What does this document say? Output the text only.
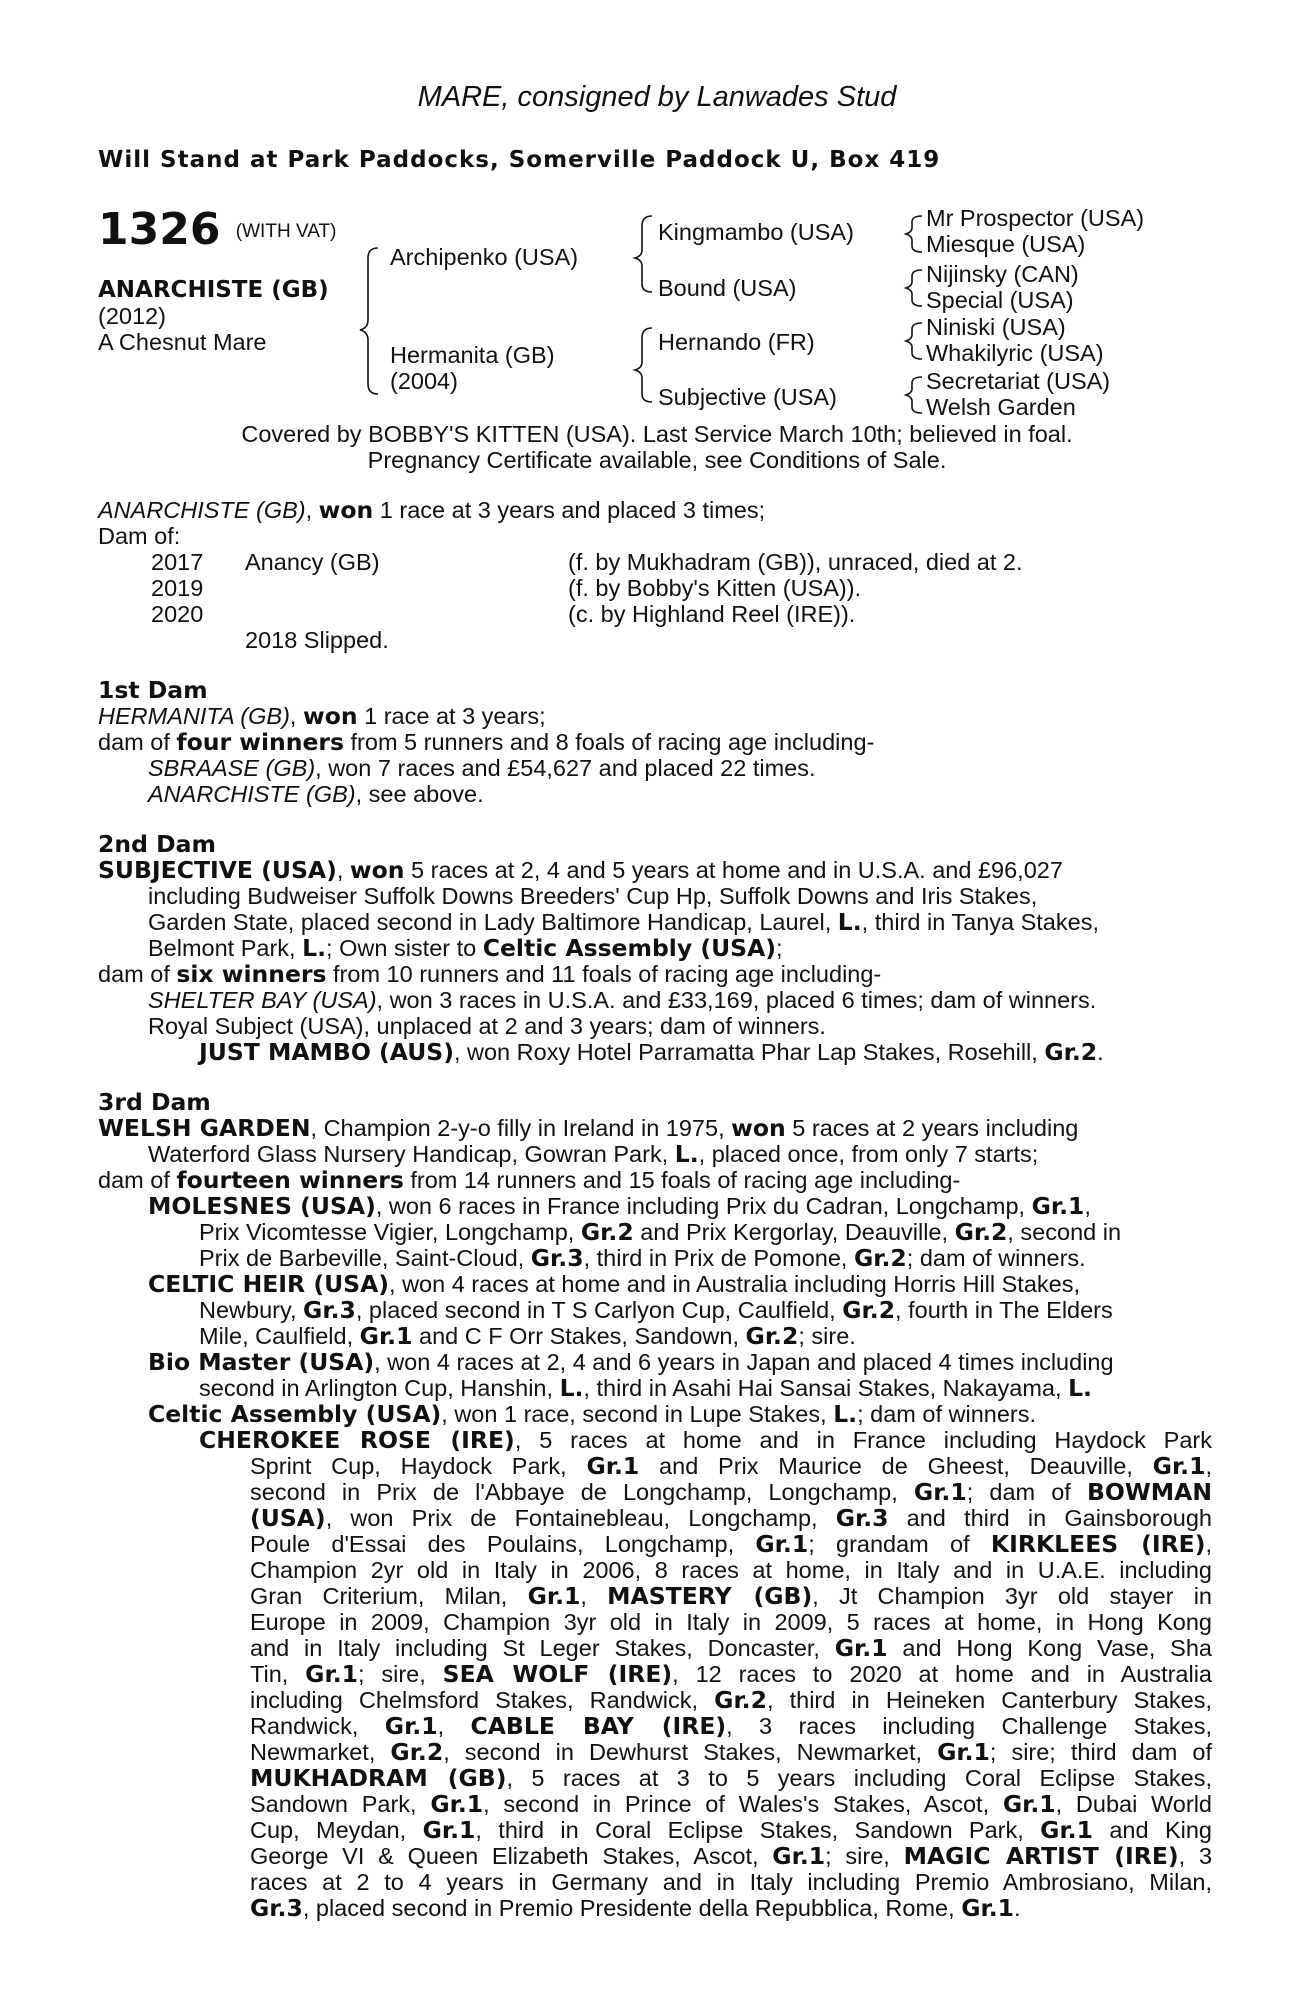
MARE, consigned by Lanwades Stud
Will Stand at Park Paddocks, Somerville Paddock U, Box 419
1326 (WITH VAT)
ANARCHISTE (GB)
(2012)
A Chesnut Mare
Archipenko (USA)
Hermanita (GB)
(2004)
Kingmambo (USA)
Bound (USA)
Hernando (FR)
Subjective (USA)
Mr Prospector (USA)
Miesque (USA)
Nijinsky (CAN)
Special (USA)
Niniski (USA)
Whakilyric (USA)
Secretariat (USA)
Welsh Garden
Covered by BOBBY'S KITTEN (USA). Last Service March 10th; believed in foal.
Pregnancy Certificate available, see Conditions of Sale.
ANARCHISTE (GB), won 1 race at 3 years and placed 3 times;
Dam of:
2017 Anancy (GB)	(f. by Mukhadram (GB)), unraced, died at 2.
2019	(f. by Bobby's Kitten (USA)).
2020	(c. by Highland Reel (IRE)).
2018 Slipped.
1st Dam
HERMANITA (GB), won 1 race at 3 years;
dam of four winners from 5 runners and 8 foals of racing age including-
SBRAASE (GB), won 7 races and £54,627 and placed 22 times.
ANARCHISTE (GB), see above.
2nd Dam
SUBJECTIVE (USA), won 5 races at 2, 4 and 5 years at home and in U.S.A. and £96,027
including Budweiser Suffolk Downs Breeders' Cup Hp, Suffolk Downs and Iris Stakes,
Garden State, placed second in Lady Baltimore Handicap, Laurel, L., third in Tanya Stakes,
Belmont Park, L.; Own sister to Celtic Assembly (USA);
dam of six winners from 10 runners and 11 foals of racing age including-
SHELTER BAY (USA), won 3 races in U.S.A. and £33,169, placed 6 times; dam of winners.
Royal Subject (USA), unplaced at 2 and 3 years; dam of winners.
JUST MAMBO (AUS), won Roxy Hotel Parramatta Phar Lap Stakes, Rosehill, Gr.2.
3rd Dam
WELSH GARDEN, Champion 2-y-o filly in Ireland in 1975, won 5 races at 2 years including
Waterford Glass Nursery Handicap, Gowran Park, L., placed once, from only 7 starts;
dam of fourteen winners from 14 runners and 15 foals of racing age including-
MOLESNES (USA), won 6 races in France including Prix du Cadran, Longchamp, Gr.1,
Prix Vicomtesse Vigier, Longchamp, Gr.2 and Prix Kergorlay, Deauville, Gr.2, second in
Prix de Barbeville, Saint-Cloud, Gr.3, third in Prix de Pomone, Gr.2; dam of winners.
CELTIC HEIR (USA), won 4 races at home and in Australia including Horris Hill Stakes,
Newbury, Gr.3, placed second in T S Carlyon Cup, Caulfield, Gr.2, fourth in The Elders
Mile, Caulfield, Gr.1 and C F Orr Stakes, Sandown, Gr.2; sire.
Bio Master (USA), won 4 races at 2, 4 and 6 years in Japan and placed 4 times including
second in Arlington Cup, Hanshin, L., third in Asahi Hai Sansai Stakes, Nakayama, L.
Celtic Assembly (USA), won 1 race, second in Lupe Stakes, L.; dam of winners.
CHEROKEE ROSE (IRE), 5 races at home and in France including Haydock Park
Sprint Cup, Haydock Park, Gr.1 and Prix Maurice de Gheest, Deauville, Gr.1,
second in Prix de l'Abbaye de Longchamp, Longchamp, Gr.1; dam of BOWMAN
(USA), won Prix de Fontainebleau, Longchamp, Gr.3 and third in Gainsborough
Poule d'Essai des Poulains, Longchamp, Gr.1; grandam of KIRKLEES (IRE),
Champion 2yr old in Italy in 2006, 8 races at home, in Italy and in U.A.E. including
Gran Criterium, Milan, Gr.1, MASTERY (GB), Jt Champion 3yr old stayer in
Europe in 2009, Champion 3yr old in Italy in 2009, 5 races at home, in Hong Kong
and in Italy including St Leger Stakes, Doncaster, Gr.1 and Hong Kong Vase, Sha
Tin, Gr.1; sire, SEA WOLF (IRE), 12 races to 2020 at home and in Australia
including Chelmsford Stakes, Randwick, Gr.2, third in Heineken Canterbury Stakes,
Randwick, Gr.1, CABLE BAY (IRE), 3 races including Challenge Stakes,
Newmarket, Gr.2, second in Dewhurst Stakes, Newmarket, Gr.1; sire; third dam of
MUKHADRAM (GB), 5 races at 3 to 5 years including Coral Eclipse Stakes,
Sandown Park, Gr.1, second in Prince of Wales's Stakes, Ascot, Gr.1, Dubai World
Cup, Meydan, Gr.1, third in Coral Eclipse Stakes, Sandown Park, Gr.1 and King
George VI & Queen Elizabeth Stakes, Ascot, Gr.1; sire, MAGIC ARTIST (IRE), 3
races at 2 to 4 years in Germany and in Italy including Premio Ambrosiano, Milan,
Gr.3, placed second in Premio Presidente della Repubblica, Rome, Gr.1.
